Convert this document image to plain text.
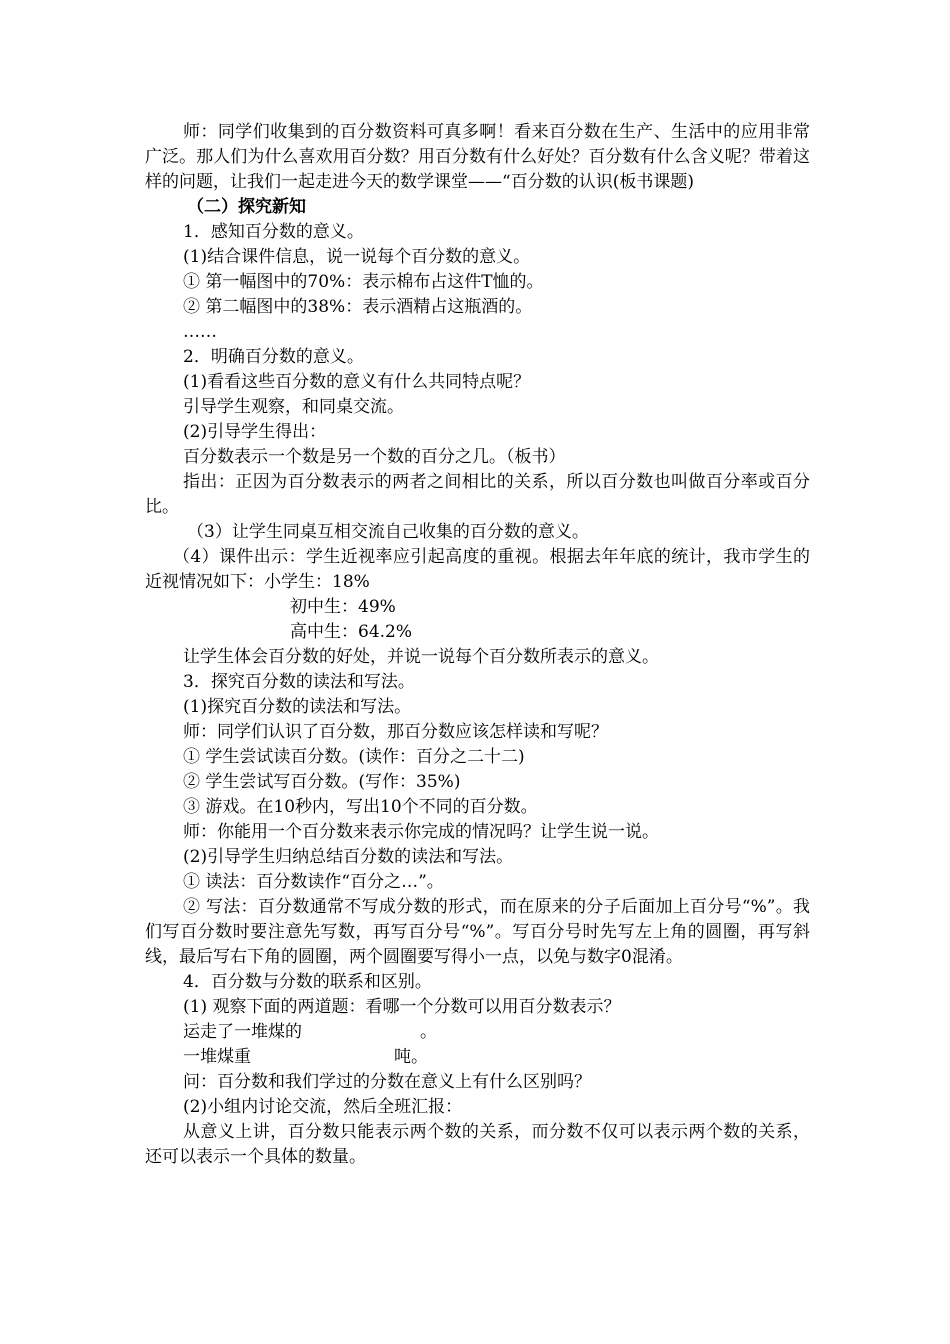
师：同学们收集到的百分数资料可真多啊！看来百分数在生产、生活中的应用非常广泛。那人们为什么喜欢用百分数？用百分数有什么好处？百分数有什么含义呢？带着这样的问题，让我们一起走进今天的数学课堂——“百分数的认识(板书课题)

（二）探究新知

1．感知百分数的意义。

(1)结合课件信息，说一说每个百分数的意义。

① 第一幅图中的70%：表示棉布占这件T恤的。

② 第二幅图中的38%：表示酒精占这瓶酒的。

……

2．明确百分数的意义。

(1)看看这些百分数的意义有什么共同特点呢？

引导学生观察，和同桌交流。

(2)引导学生得出：

百分数表示一个数是另一个数的百分之几。（板书）

指出：正因为百分数表示的两者之间相比的关系，所以百分数也叫做百分率或百分比。

（3）让学生同桌互相交流自己收集的百分数的意义。

（4）课件出示：学生近视率应引起高度的重视。根据去年年底的统计，我市学生的近视情况如下：小学生：18%

初中生：49%

高中生：64.2%

让学生体会百分数的好处，并说一说每个百分数所表示的意义。

3．探究百分数的读法和写法。

(1)探究百分数的读法和写法。

师：同学们认识了百分数，那百分数应该怎样读和写呢？

① 学生尝试读百分数。(读作：百分之二十二)

② 学生尝试写百分数。(写作：35%)

③ 游戏。在10秒内，写出10个不同的百分数。

师：你能用一个百分数来表示你完成的情况吗？让学生说一说。

(2)引导学生归纳总结百分数的读法和写法。

① 读法：百分数读作“百分之…”。

② 写法：百分数通常不写成分数的形式，而在原来的分子后面加上百分号“%”。我们写百分数时要注意先写数，再写百分号“%”。写百分号时先写左上角的圆圈，再写斜线，最后写右下角的圆圈，两个圆圈要写得小一点，以免与数字0混淆。

4．百分数与分数的联系和区别。

(1) 观察下面的两道题：看哪一个分数可以用百分数表示？

运走了一堆煤的	。

一堆煤重	吨。

问：百分数和我们学过的分数在意义上有什么区别吗？

(2)小组内讨论交流，然后全班汇报：

从意义上讲，百分数只能表示两个数的关系，而分数不仅可以表示两个数的关系，还可以表示一个具体的数量。
